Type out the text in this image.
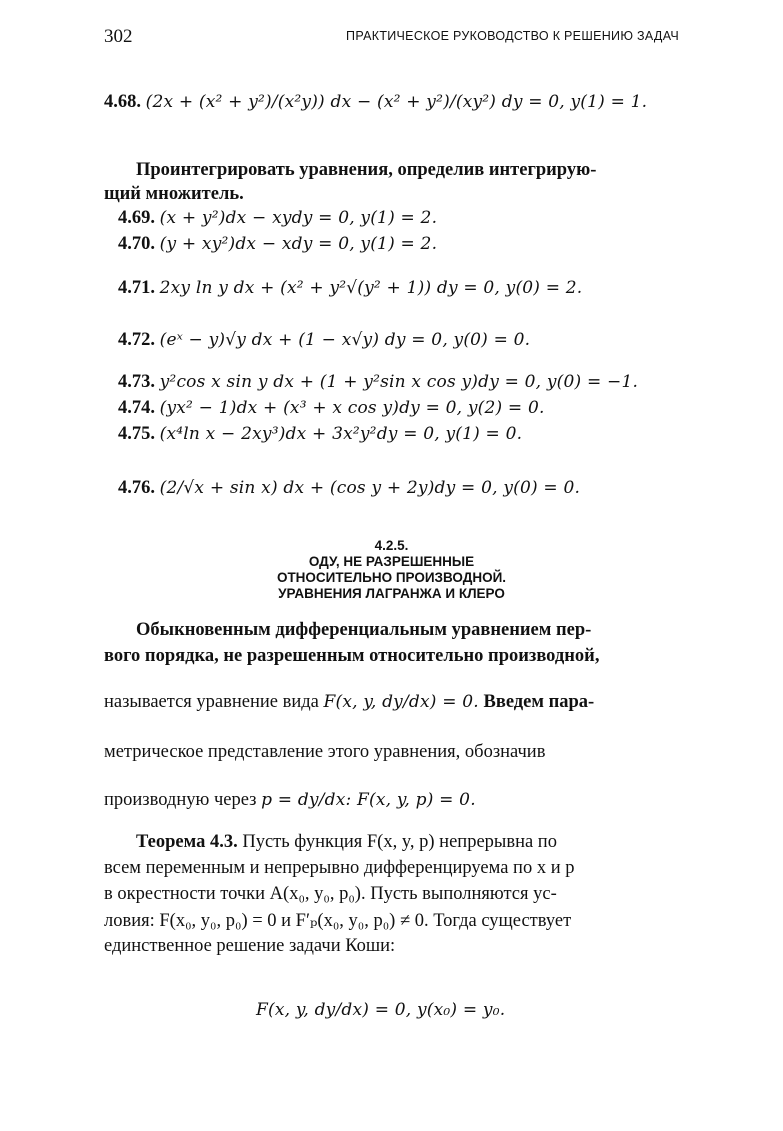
302	ПРАКТИЧЕСКОЕ РУКОВОДСТВО К РЕШЕНИЮ ЗАДАЧ
4.68. (2x + (x² + y²)/(x²y)) dx − (x² + y²)/(xy²) dy = 0, y(1) = 1.
Проинтегрировать уравнения, определив интегрирую-
щий множитель.
4.69. (x + y²)dx − xydy = 0, y(1) = 2.
4.70. (y + xy²)dx − xdy = 0, y(1) = 2.
4.71. 2xy ln y dx + (x² + y²√(y² + 1)) dy = 0, y(0) = 2.
4.72. (eˣ − y)√y dx + (1 − x√y) dy = 0, y(0) = 0.
4.73. y²cos x sin y dx + (1 + y²sin x cos y)dy = 0, y(0) = −1.
4.74. (yx² − 1)dx + (x³ + x cos y)dy = 0, y(2) = 0.
4.75. (x⁴ln x − 2xy³)dx + 3x²y²dy = 0, y(1) = 0.
4.76. (2/√x + sin x) dx + (cos y + 2y)dy = 0, y(0) = 0.
4.2.5.
ОДУ, НЕ РАЗРЕШЕННЫЕ
ОТНОСИТЕЛЬНО ПРОИЗВОДНОЙ.
УРАВНЕНИЯ ЛАГРАНЖА И КЛЕРО
Обыкновенным дифференциальным уравнением пер-
вого порядка, не разрешенным относительно производной,
называется уравнение вида F(x, y, dy/dx) = 0. Введем пара-
метрическое представление этого уравнения, обозначив
производную через p = dy/dx: F(x, y, p) = 0.
Теорема 4.3. Пусть функция F(x, y, p) непрерывна по
всем переменным и непрерывно дифференцируема по x и p
в окрестности точки A(x₀, y₀, p₀). Пусть выполняются ус-
ловия: F(x₀, y₀, p₀) = 0 и F′ₚ(x₀, y₀, p₀) ≠ 0. Тогда существует
единственное решение задачи Коши:
F(x, y, dy/dx) = 0, y(x₀) = y₀.
